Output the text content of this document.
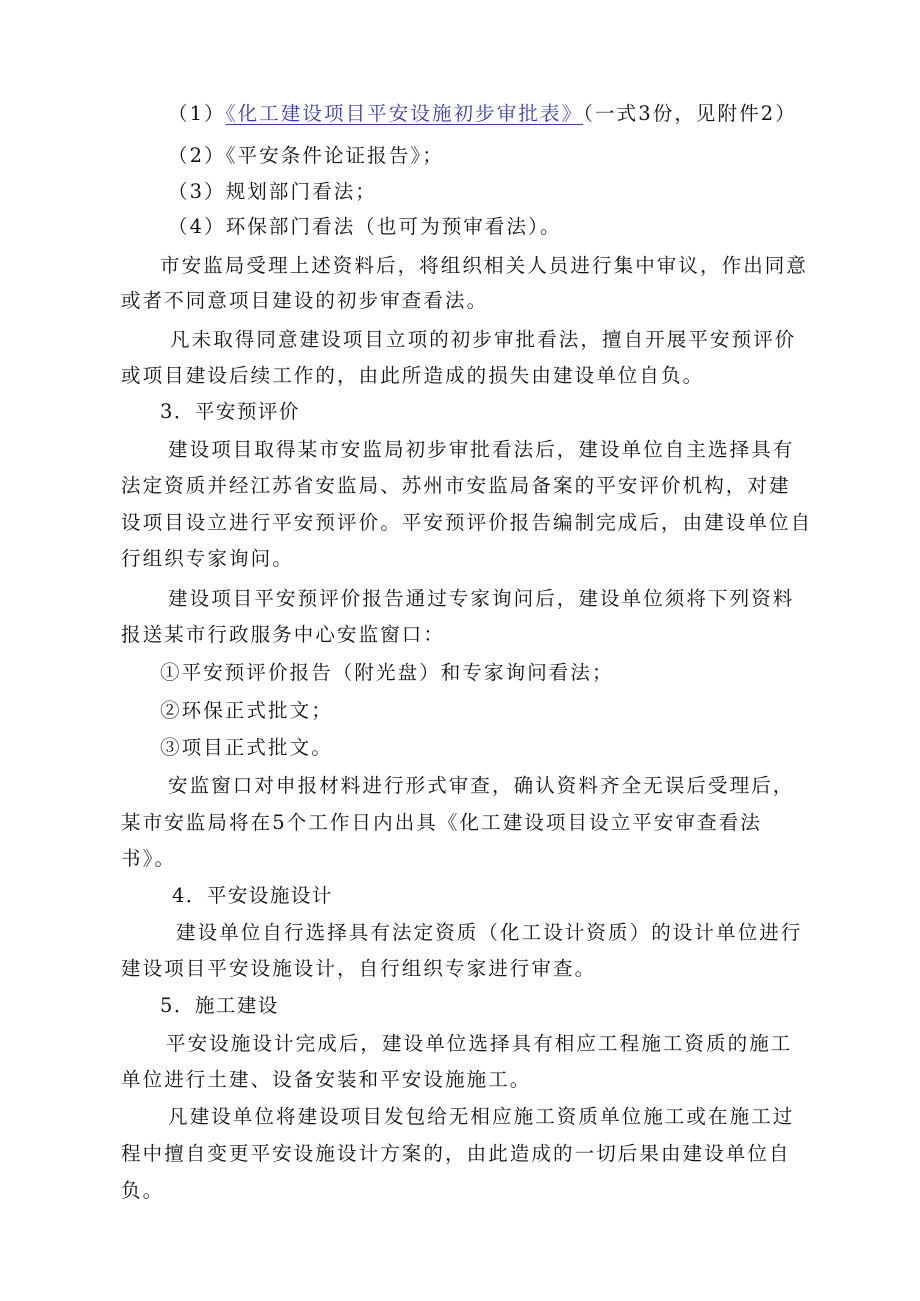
（1）《化工建设项目平安设施初步审批表》（一式3份，见附件2）
（2）《平安条件论证报告》；
（3）规划部门看法；
（4）环保部门看法（也可为预审看法）。
市安监局受理上述资料后，将组织相关人员进行集中审议，作出同意
或者不同意项目建设的初步审查看法。
凡未取得同意建设项目立项的初步审批看法，擅自开展平安预评价
或项目建设后续工作的，由此所造成的损失由建设单位自负。
3．平安预评价
建设项目取得某市安监局初步审批看法后，建设单位自主选择具有
法定资质并经江苏省安监局、苏州市安监局备案的平安评价机构，对建
设项目设立进行平安预评价。平安预评价报告编制完成后，由建设单位自
行组织专家询问。
建设项目平安预评价报告通过专家询问后，建设单位须将下列资料
报送某市行政服务中心安监窗口：
①平安预评价报告（附光盘）和专家询问看法；
②环保正式批文；
③项目正式批文。
安监窗口对申报材料进行形式审查，确认资料齐全无误后受理后，
某市安监局将在5个工作日内出具《化工建设项目设立平安审查看法
书》。
4．平安设施设计
建设单位自行选择具有法定资质（化工设计资质）的设计单位进行
建设项目平安设施设计，自行组织专家进行审查。
5．施工建设
平安设施设计完成后，建设单位选择具有相应工程施工资质的施工
单位进行土建、设备安装和平安设施施工。
凡建设单位将建设项目发包给无相应施工资质单位施工或在施工过
程中擅自变更平安设施设计方案的，由此造成的一切后果由建设单位自
负。
